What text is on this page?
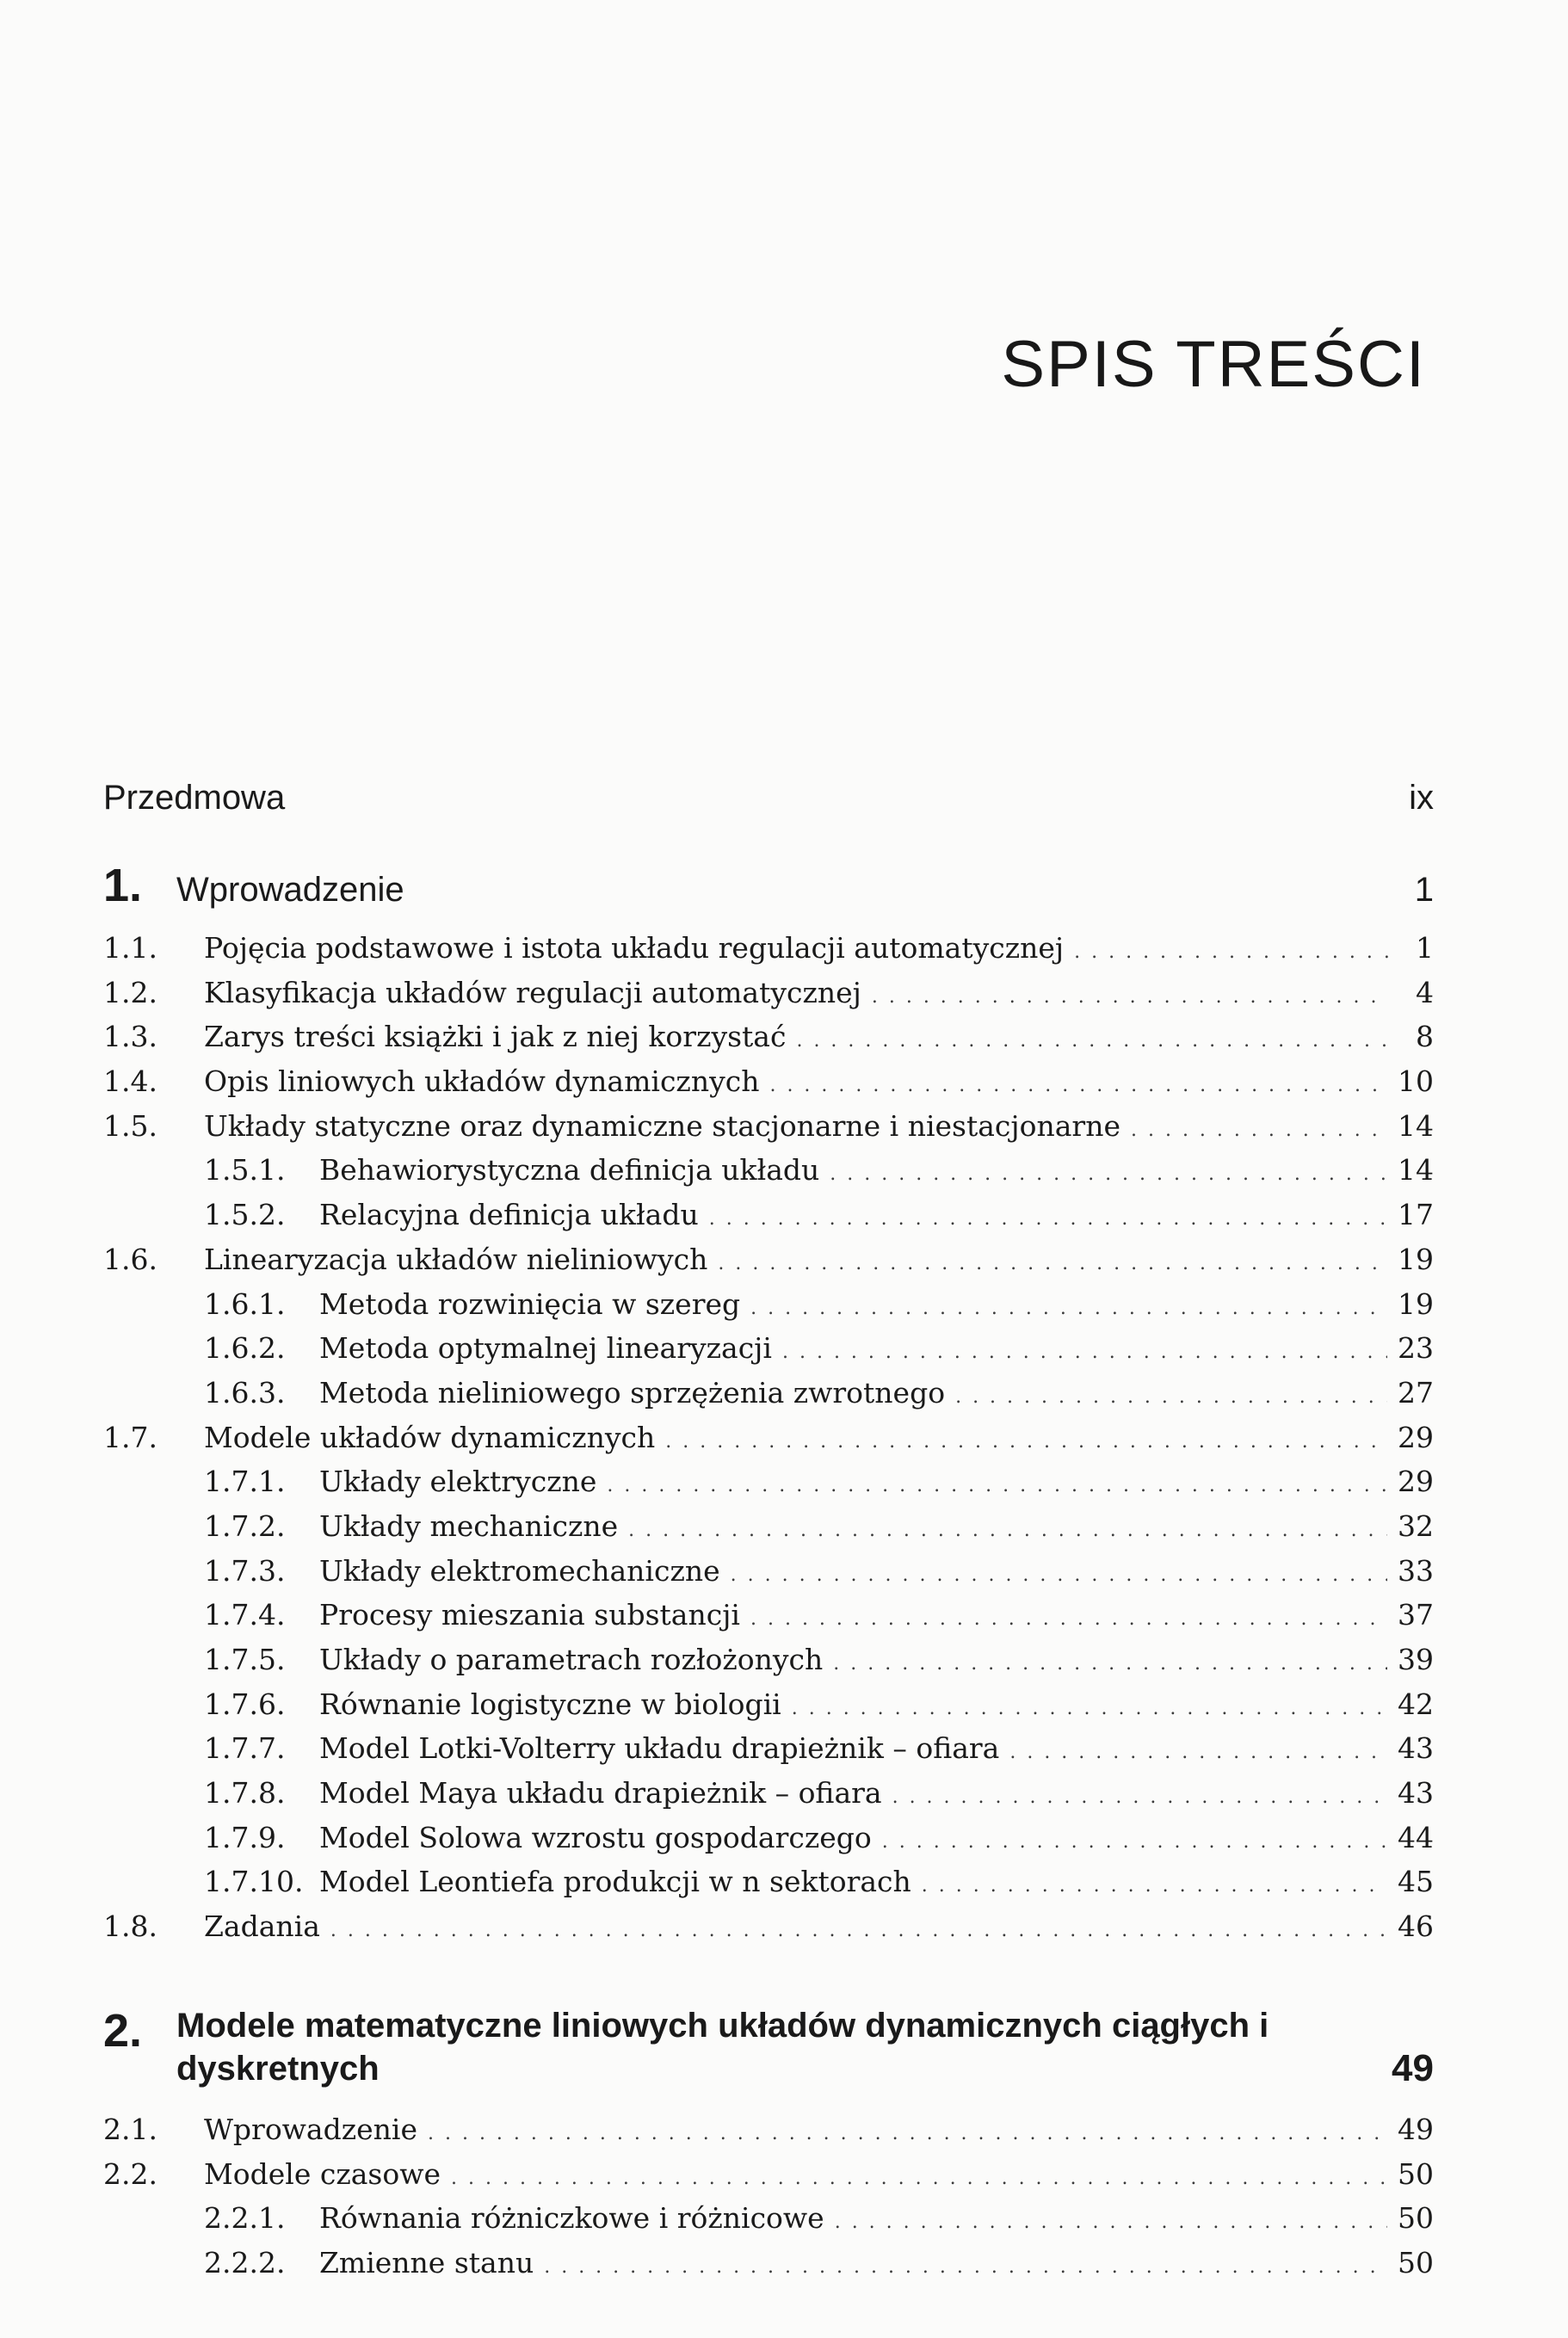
SPIS TREŚCI
Przedmowa	ix
1. Wprowadzenie	1
1.1.	Pojęcia podstawowe i istota układu regulacji automatycznej . . .	1
1.2.	Klasyfikacja układów regulacji automatycznej . . .	4
1.3.	Zarys treści książki i jak z niej korzystać . . .	8
1.4.	Opis liniowych układów dynamicznych . . .	10
1.5.	Układy statyczne oraz dynamiczne stacjonarne i niestacjonarne . . .	14
1.5.1.	Behawiorystyczna definicja układu . . .	14
1.5.2.	Relacyjna definicja układu . . .	17
1.6.	Linearyzacja układów nieliniowych . . .	19
1.6.1.	Metoda rozwinięcia w szereg . . .	19
1.6.2.	Metoda optymalnej linearyzacji . . .	23
1.6.3.	Metoda nieliniowego sprzężenia zwrotnego . . .	27
1.7.	Modele układów dynamicznych . . .	29
1.7.1.	Układy elektryczne . . .	29
1.7.2.	Układy mechaniczne . . .	32
1.7.3.	Układy elektromechaniczne . . .	33
1.7.4.	Procesy mieszania substancji . . .	37
1.7.5.	Układy o parametrach rozłożonych . . .	39
1.7.6.	Równanie logistyczne w biologii . . .	42
1.7.7.	Model Lotki-Volterry układu drapieżnik – ofiara . . .	43
1.7.8.	Model Maya układu drapieżnik – ofiara . . .	43
1.7.9.	Model Solowa wzrostu gospodarczego . . .	44
1.7.10. Model Leontiefa produkcji w n sektorach . . .	45
1.8.	Zadania . . .	46
2. Modele matematyczne liniowych układów dynamicznych ciągłych i dyskretnych	49
2.1.	Wprowadzenie . . .	49
2.2.	Modele czasowe . . .	50
2.2.1.	Równania różniczkowe i różnicowe . . .	50
2.2.2.	Zmienne stanu . . .	50
